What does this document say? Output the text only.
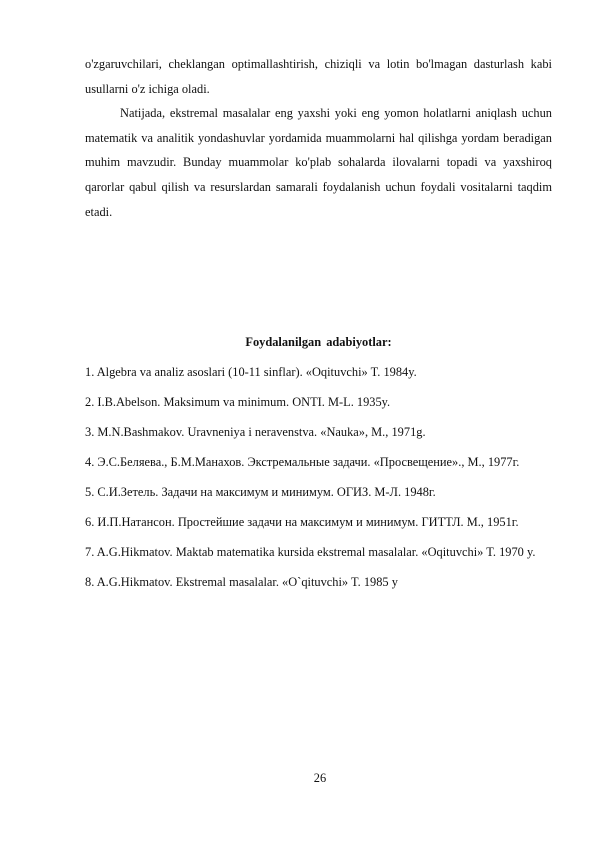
o'zgaruvchilari, cheklangan optimallashtirish, chiziqli va lotin bo'lmagan dasturlash kabi usullarni o'z ichiga oladi.

Natijada, ekstremal masalalar eng yaxshi yoki eng yomon holatlarni aniqlash uchun matematik va analitik yondashuvlar yordamida muammolarni hal qilishga yordam beradigan muhim mavzudir. Bunday muammolar ko'plab sohalarda ilovalarni topadi va yaxshiroq qarorlar qabul qilish va resurslardan samarali foydalanish uchun foydali vositalarni taqdim etadi.

Foydalanilgan adabiyotlar:

1. Algebra va analiz asoslari (10-11 sinflar). «Oqituvchi» T. 1984y.
2. I.B.Abelson. Maksimum va minimum. ONTI. M-L. 1935y.
3. M.N.Bashmakov. Uravneniya i neravenstva. «Nauka», M., 1971g.
4. Э.С.Беляева., Б.М.Манахов. Экстремальные задачи. «Просвещение»., М., 1977г.
5. С.И.Зетель. Задачи на максимум и минимум. ОГИЗ. М-Л. 1948г.
6. И.П.Натансон. Простейшие задачи на максимум и минимум. ГИТТЛ. М., 1951г.
7. A.G.Hikmatov. Maktab matematika kursida ekstremal masalalar. «Oqituvchi» T. 1970 y.
8. A.G.Hikmatov. Ekstremal masalalar. «O`qituvchi» T. 1985 y
26
